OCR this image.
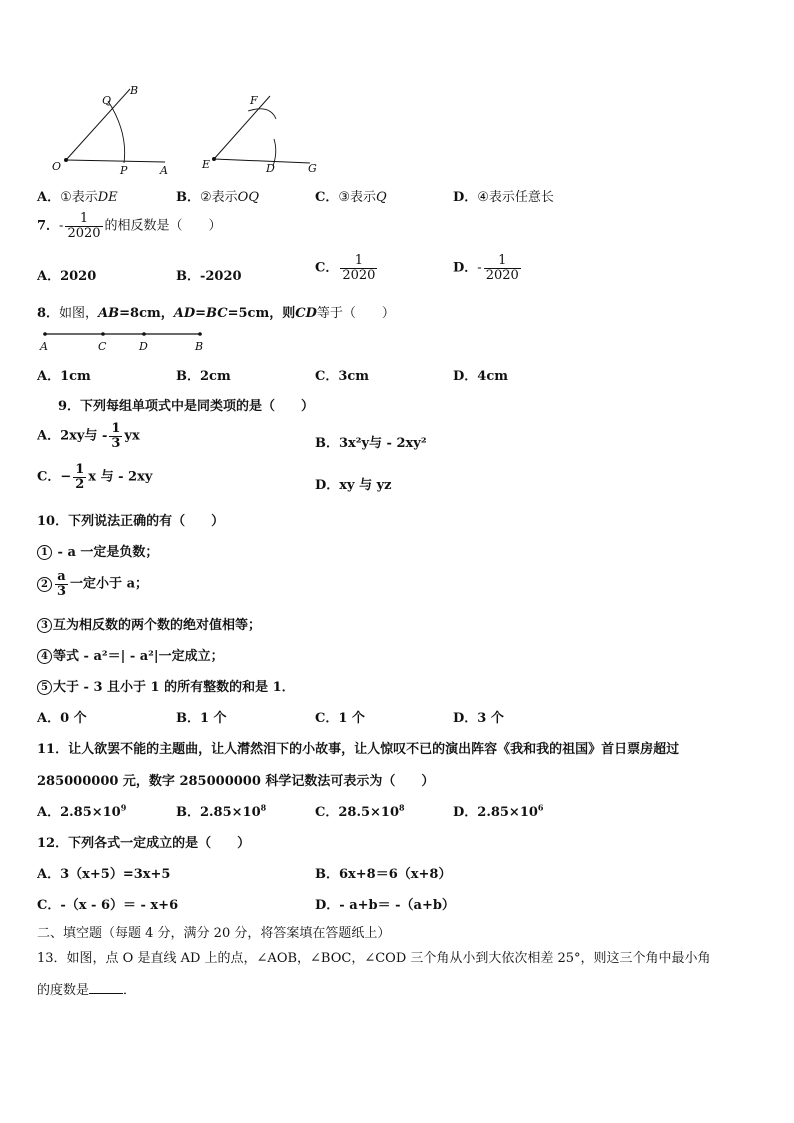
O
Q
B
P	A	E
F
D	G
A．①表示DE	B．②表示OQ	C．③表示Q	D．④表示任意长
7．- $\frac{1}{2020}$ 的相反数是（　　）
A．2020	B．-2020
C． $\frac{1}{2020}$	D．- $\frac{1}{2020}$
8．如图，AB=8cm，AD=BC=5cm，则CD等于（　　）
A	C	D	B
A．1cm	B．2cm	C．3cm	D．4cm
9．下列每组单项式中是同类项的是（　　）
A．2xy与 - $\frac{1}{3}$ yx	B．3x²y与 - 2xy²
C．− $\frac{1}{2}$ x 与 - 2xy
D．xy 与 yz
10．下列说法正确的有（　　）
1 - a 一定是负数；
$2 \frac{a}{3}$ 一定小于 a；
3 互为相反数的两个数的绝对值相等；
4 等式 - a²＝| - a²|一定成立；
5 大于 - 3 且小于 1 的所有整数的和是 1．
A．0 个	B．1 个	C．1 个	D．3 个
11．让人欲罢不能的主题曲，让人潸然泪下的小故事，让人惊叹不已的演出阵容《我和我的祖国》首日票房超过
285000000 元，数字 285000000 科学记数法可表示为（　　）
A．$2.85\times 10^9$	B．$2.85\times 10^8$	C．$28.5\times 10^8$	D．$2.85\times 10^6$
12．下列各式一定成立的是（　　）
A．3（x+5）=3x+5	B．6x+8＝6（x+8）
C．-（x - 6）＝ - x+6	D．- a+b＝ -（a+b）
二、填空题（每题 4 分，满分 20 分，将答案填在答题纸上）
13．如图，点 O 是直线 AD 上的点，∠AOB，∠BOC，∠COD 三个角从小到大依次相差 25°，则这三个角中最小角
的度数是	．
